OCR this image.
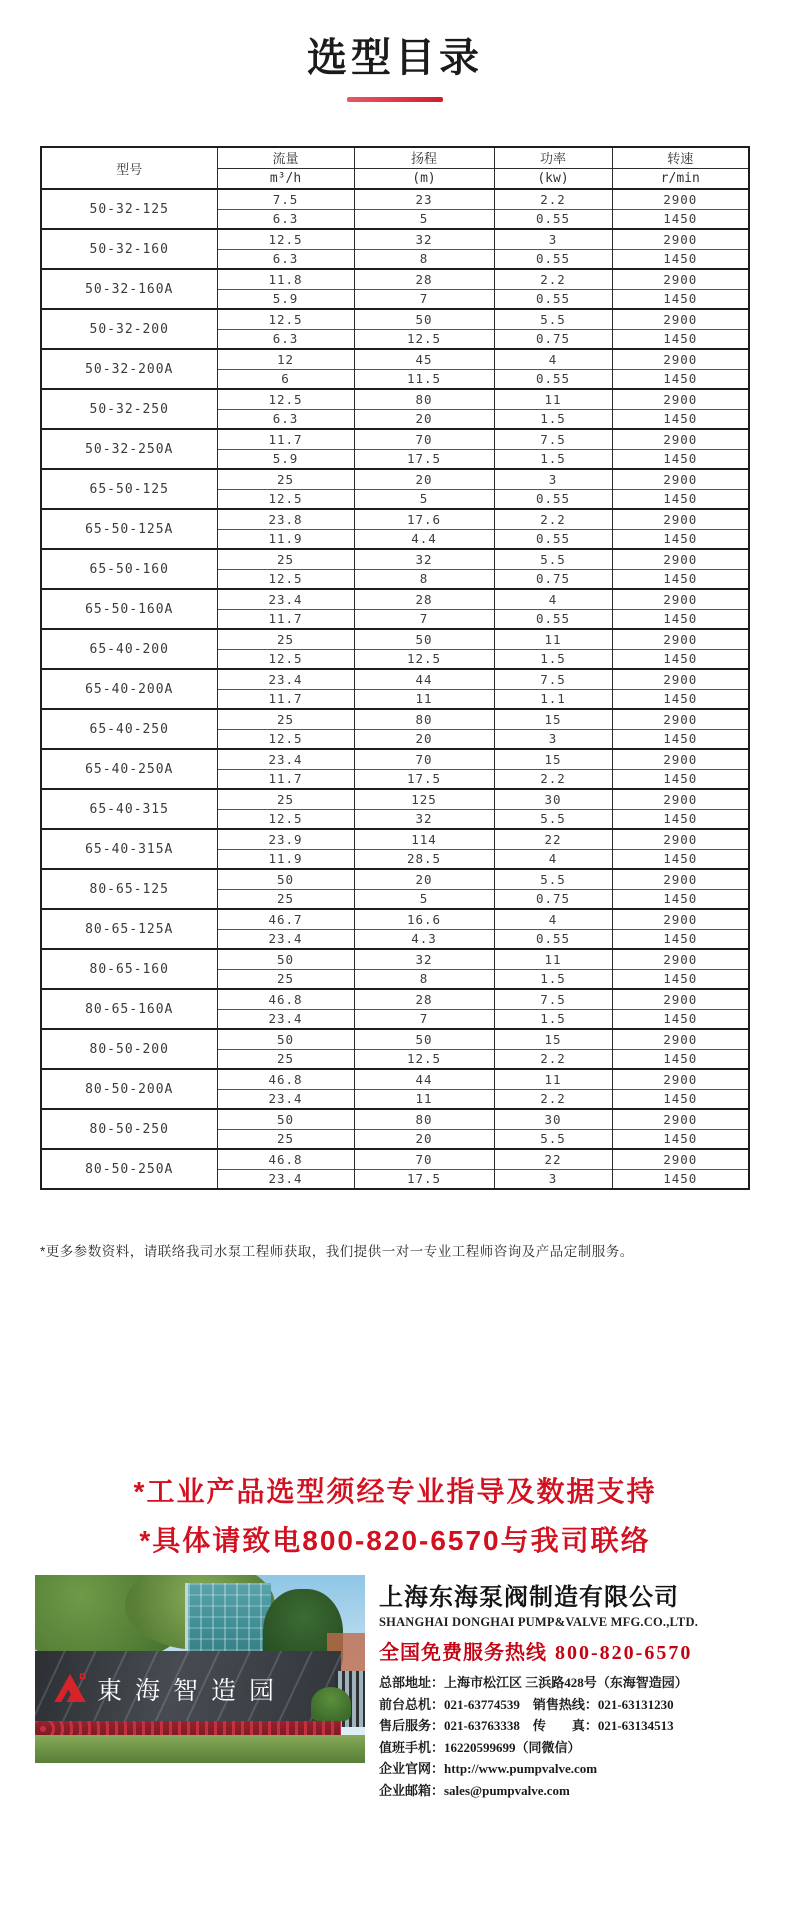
选型目录
型号	流量	扬程	功率	转速
	m³/h	(m)	(kw)	r/min
50-32-125	7.5	23	2.2	2900
	6.3	5	0.55	1450
50-32-160	12.5	32	3	2900
	6.3	8	0.55	1450
50-32-160A	11.8	28	2.2	2900
	5.9	7	0.55	1450
50-32-200	12.5	50	5.5	2900
	6.3	12.5	0.75	1450
50-32-200A	12	45	4	2900
	6	11.5	0.55	1450
50-32-250	12.5	80	11	2900
	6.3	20	1.5	1450
50-32-250A	11.7	70	7.5	2900
	5.9	17.5	1.5	1450
65-50-125	25	20	3	2900
	12.5	5	0.55	1450
65-50-125A	23.8	17.6	2.2	2900
	11.9	4.4	0.55	1450
65-50-160	25	32	5.5	2900
	12.5	8	0.75	1450
65-50-160A	23.4	28	4	2900
	11.7	7	0.55	1450
65-40-200	25	50	11	2900
	12.5	12.5	1.5	1450
65-40-200A	23.4	44	7.5	2900
	11.7	11	1.1	1450
65-40-250	25	80	15	2900
	12.5	20	3	1450
65-40-250A	23.4	70	15	2900
	11.7	17.5	2.2	1450
65-40-315	25	125	30	2900
	12.5	32	5.5	1450
65-40-315A	23.9	114	22	2900
	11.9	28.5	4	1450
80-65-125	50	20	5.5	2900
	25	5	0.75	1450
80-65-125A	46.7	16.6	4	2900
	23.4	4.3	0.55	1450
80-65-160	50	32	11	2900
	25	8	1.5	1450
80-65-160A	46.8	28	7.5	2900
	23.4	7	1.5	1450
80-50-200	50	50	15	2900
	25	12.5	2.2	1450
80-50-200A	46.8	44	11	2900
	23.4	11	2.2	1450
80-50-250	50	80	30	2900
	25	20	5.5	1450
80-50-250A	46.8	70	22	2900
	23.4	17.5	3	1450

*更多参数资料，请联络我司水泵工程师获取，我们提供一对一专业工程师咨询及产品定制服务。

☆ 订货说明 ☆

*工业产品选型须经专业指导及数据支持

*具体请致电800-820-6570与我司联络

東海智造园
上海东海泵阀制造有限公司
SHANGHAI DONGHAI PUMP&VALVE MFG.CO.,LTD.
全国免费服务热线 800-820-6570
总部地址：上海市松江区 三浜路428号（东海智造园）
前台总机：021-63774539　销售热线：021-63131230
售后服务：021-63763338　传　　真：021-63134513
值班手机：16220599699（同微信）
企业官网：http://www.pumpvalve.com
企业邮箱：sales@pumpvalve.com
